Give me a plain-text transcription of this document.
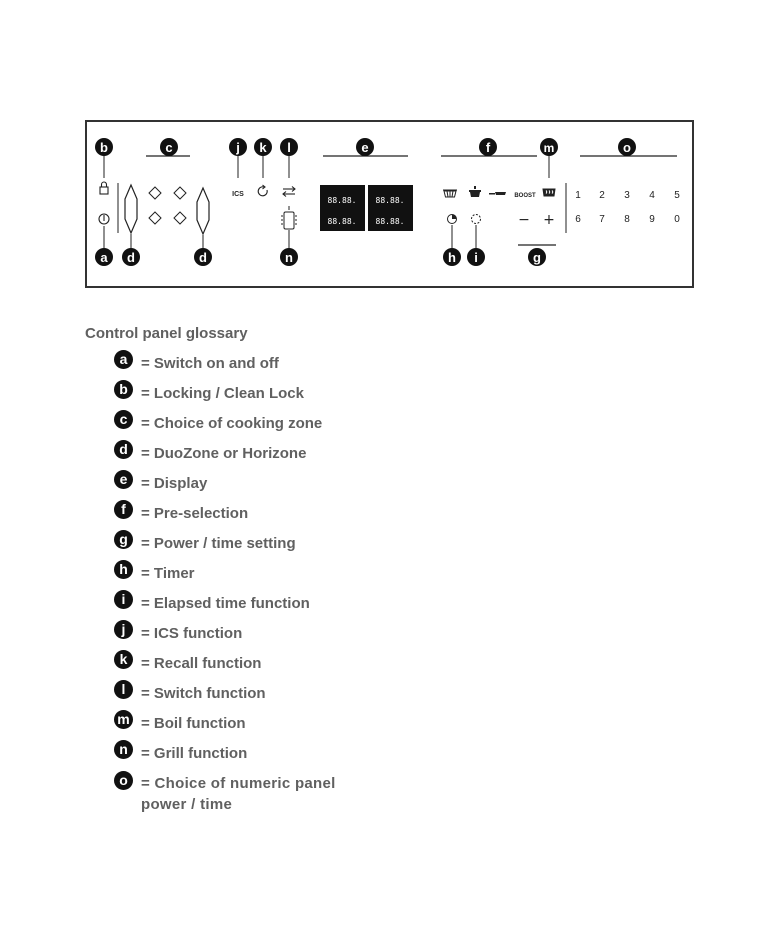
b	c	j k l	e	f	m	o
ICS
88.88.
88.88.
88.88.
88.88.
BOOST
− +
1 2 3 4 5
6 7 8 9 0
a d	d	n	h i	g
Control panel glossary
a = Switch on and off
b = Locking / Clean Lock
c = Choice of cooking zone
d = DuoZone or Horizone
e = Display
f	= Pre-selection
g = Power / time setting
h = Timer
i	= Elapsed time function
j	= ICS function
k = Recall function
l	= Switch function
m = Boil function
n = Grill function
o = Choice of numeric panel
power / time
